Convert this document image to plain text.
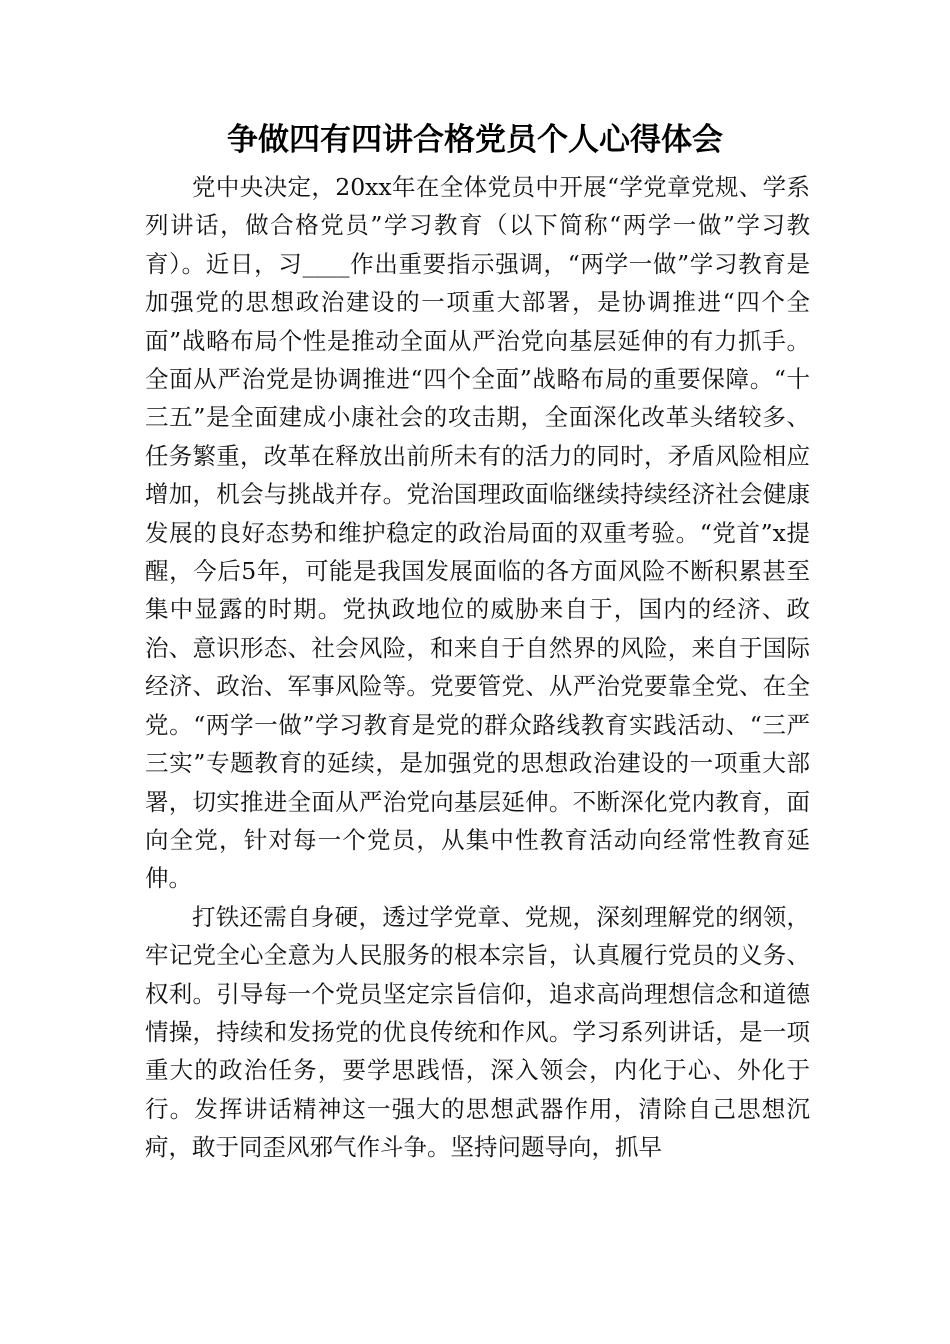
争做四有四讲合格党员个人心得体会

党中央决定，20xx年在全体党员中开展“学党章党规、学系列讲话，做合格党员”学习教育（以下简称“两学一做”学习教育）。近日，习____作出重要指示强调，“两学一做”学习教育是加强党的思想政治建设的一项重大部署，是协调推进“四个全面”战略布局个性是推动全面从严治党向基层延伸的有力抓手。全面从严治党是协调推进“四个全面”战略布局的重要保障。“十三五”是全面建成小康社会的攻击期，全面深化改革头绪较多、任务繁重，改革在释放出前所未有的活力的同时，矛盾风险相应增加，机会与挑战并存。党治国理政面临继续持续经济社会健康发展的良好态势和维护稳定的政治局面的双重考验。“党首”x提醒，今后5年，可能是我国发展面临的各方面风险不断积累甚至集中显露的时期。党执政地位的威胁来自于，国内的经济、政治、意识形态、社会风险，和来自于自然界的风险，来自于国际经济、政治、军事风险等。党要管党、从严治党要靠全党、在全党。“两学一做”学习教育是党的群众路线教育实践活动、“三严三实”专题教育的延续，是加强党的思想政治建设的一项重大部署，切实推进全面从严治党向基层延伸。不断深化党内教育，面向全党，针对每一个党员，从集中性教育活动向经常性教育延伸。

打铁还需自身硬，透过学党章、党规，深刻理解党的纲领，牢记党全心全意为人民服务的根本宗旨，认真履行党员的义务、权利。引导每一个党员坚定宗旨信仰，追求高尚理想信念和道德情操，持续和发扬党的优良传统和作风。学习系列讲话，是一项重大的政治任务，要学思践悟，深入领会，内化于心、外化于行。发挥讲话精神这一强大的思想武器作用，清除自己思想沉疴，敢于同歪风邪气作斗争。坚持问题导向，抓早
